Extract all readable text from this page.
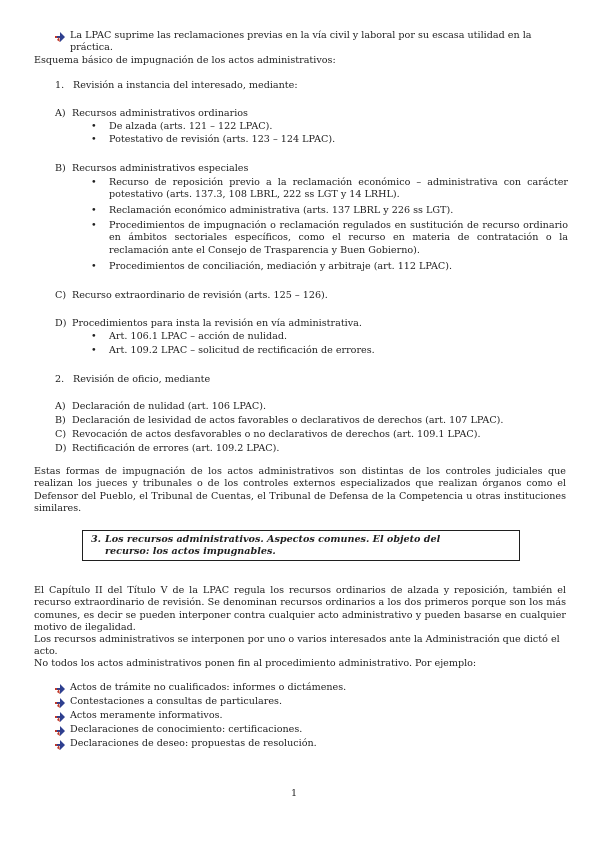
La LPAC suprime las reclamaciones previas en la vía civil y laboral por su escasa utilidad en la práctica.
Esquema básico de impugnación de los actos administrativos:
1. Revisión a instancia del interesado, mediante:
A) Recursos administrativos ordinarios
• De alzada (arts. 121 – 122 LPAC).
• Potestativo de revisión (arts. 123 – 124 LPAC).
B) Recursos administrativos especiales
• Recurso de reposición previo a la reclamación económico – administrativa con carácter potestativo (arts. 137.3, 108 LBRL, 222 ss LGT y 14 LRHL).
• Reclamación económico administrativa (arts. 137 LBRL y 226 ss LGT).
• Procedimientos de impugnación o reclamación regulados en sustitución de recurso ordinario en ámbitos sectoriales específicos, como el recurso en materia de contratación o la reclamación ante el Consejo de Trasparencia y Buen Gobierno).
• Procedimientos de conciliación, mediación y arbitraje (art. 112 LPAC).
C) Recurso extraordinario de revisión (arts. 125 – 126).
D) Procedimientos para insta la revisión en vía administrativa.
• Art. 106.1 LPAC – acción de nulidad.
• Art. 109.2 LPAC – solicitud de rectificación de errores.
2. Revisión de oficio, mediante
A) Declaración de nulidad (art. 106 LPAC).
B) Declaración de lesividad de actos favorables o declarativos de derechos (art. 107 LPAC).
C) Revocación de actos desfavorables o no declarativos de derechos (art. 109.1 LPAC).
D) Rectificación de errores (art. 109.2 LPAC).
Estas formas de impugnación de los actos administrativos son distintas de los controles judiciales que realizan los jueces y tribunales o de los controles externos especializados que realizan órganos como el Defensor del Pueblo, el Tribunal de Cuentas, el Tribunal de Defensa de la Competencia u otras instituciones similares.
3. Los recursos administrativos. Aspectos comunes. El objeto del recurso: los actos impugnables.
El Capítulo II del Título V de la LPAC regula los recursos ordinarios de alzada y reposición, también el recurso extraordinario de revisión. Se denominan recursos ordinarios a los dos primeros porque son los más comunes, es decir se pueden interponer contra cualquier acto administrativo y pueden basarse en cualquier motivo de ilegalidad.
Los recursos administrativos se interponen por uno o varios interesados ante la Administración que dictó el acto.
No todos los actos administrativos ponen fin al procedimiento administrativo. Por ejemplo:
Actos de trámite no cualificados: informes o dictámenes.
Contestaciones a consultas de particulares.
Actos meramente informativos.
Declaraciones de conocimiento: certificaciones.
Declaraciones de deseo: propuestas de resolución.
1
